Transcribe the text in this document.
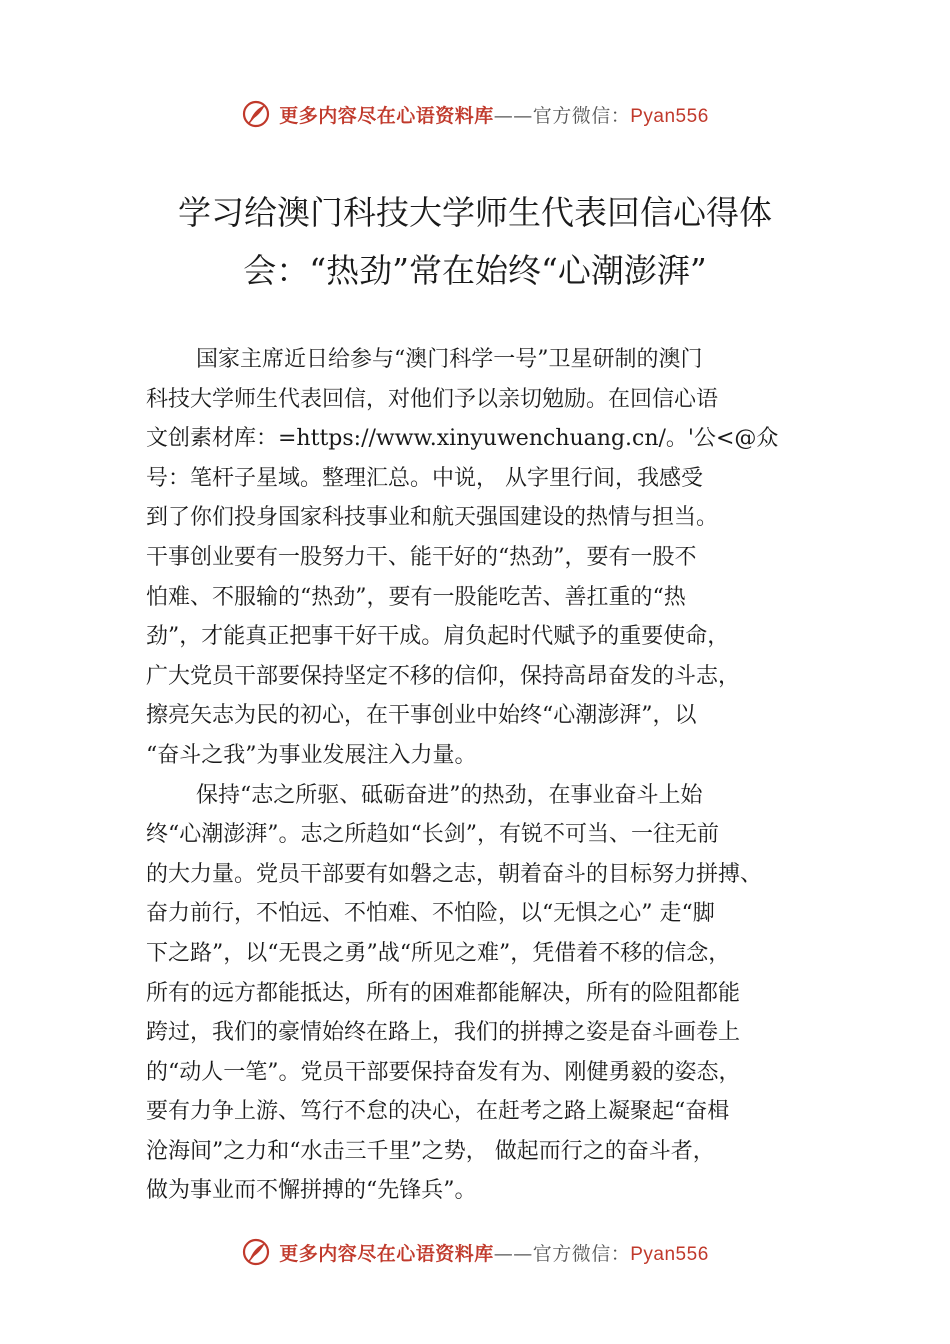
更多内容尽在心语资料库——官方微信：Pyan556
学习给澳门科技大学师生代表回信心得体
会：“热劲”常在始终“心潮澎湃”
国家主席近日给参与“澳门科学一号”卫星研制的澳门
科技大学师生代表回信，对他们予以亲切勉励。在回信心语
文创素材库：=https://www.xinyuwenchuang.cn/。'公<@众
号：笔杆子星域。整理汇总。中说， 从字里行间，我感受
到了你们投身国家科技事业和航天强国建设的热情与担当。
干事创业要有一股努力干、能干好的“热劲”，要有一股不
怕难、不服输的“热劲”，要有一股能吃苦、善扛重的“热
劲”，才能真正把事干好干成。肩负起时代赋予的重要使命，
广大党员干部要保持坚定不移的信仰，保持高昂奋发的斗志，
擦亮矢志为民的初心，在干事创业中始终“心潮澎湃”，以
“奋斗之我”为事业发展注入力量。
保持“志之所驱、砥砺奋进”的热劲，在事业奋斗上始
终“心潮澎湃”。志之所趋如“长剑”，有锐不可当、一往无前
的大力量。党员干部要有如磐之志，朝着奋斗的目标努力拼搏、
奋力前行，不怕远、不怕难、不怕险，以“无惧之心” 走“脚
下之路”，以“无畏之勇”战“所见之难”，凭借着不移的信念，
所有的远方都能抵达，所有的困难都能解决，所有的险阻都能
跨过，我们的豪情始终在路上，我们的拼搏之姿是奋斗画卷上
的“动人一笔”。党员干部要保持奋发有为、刚健勇毅的姿态，
要有力争上游、笃行不怠的决心，在赶考之路上凝聚起“奋楫
沧海间”之力和“水击三千里”之势， 做起而行之的奋斗者，
做为事业而不懈拼搏的“先锋兵”。
更多内容尽在心语资料库——官方微信：Pyan556
